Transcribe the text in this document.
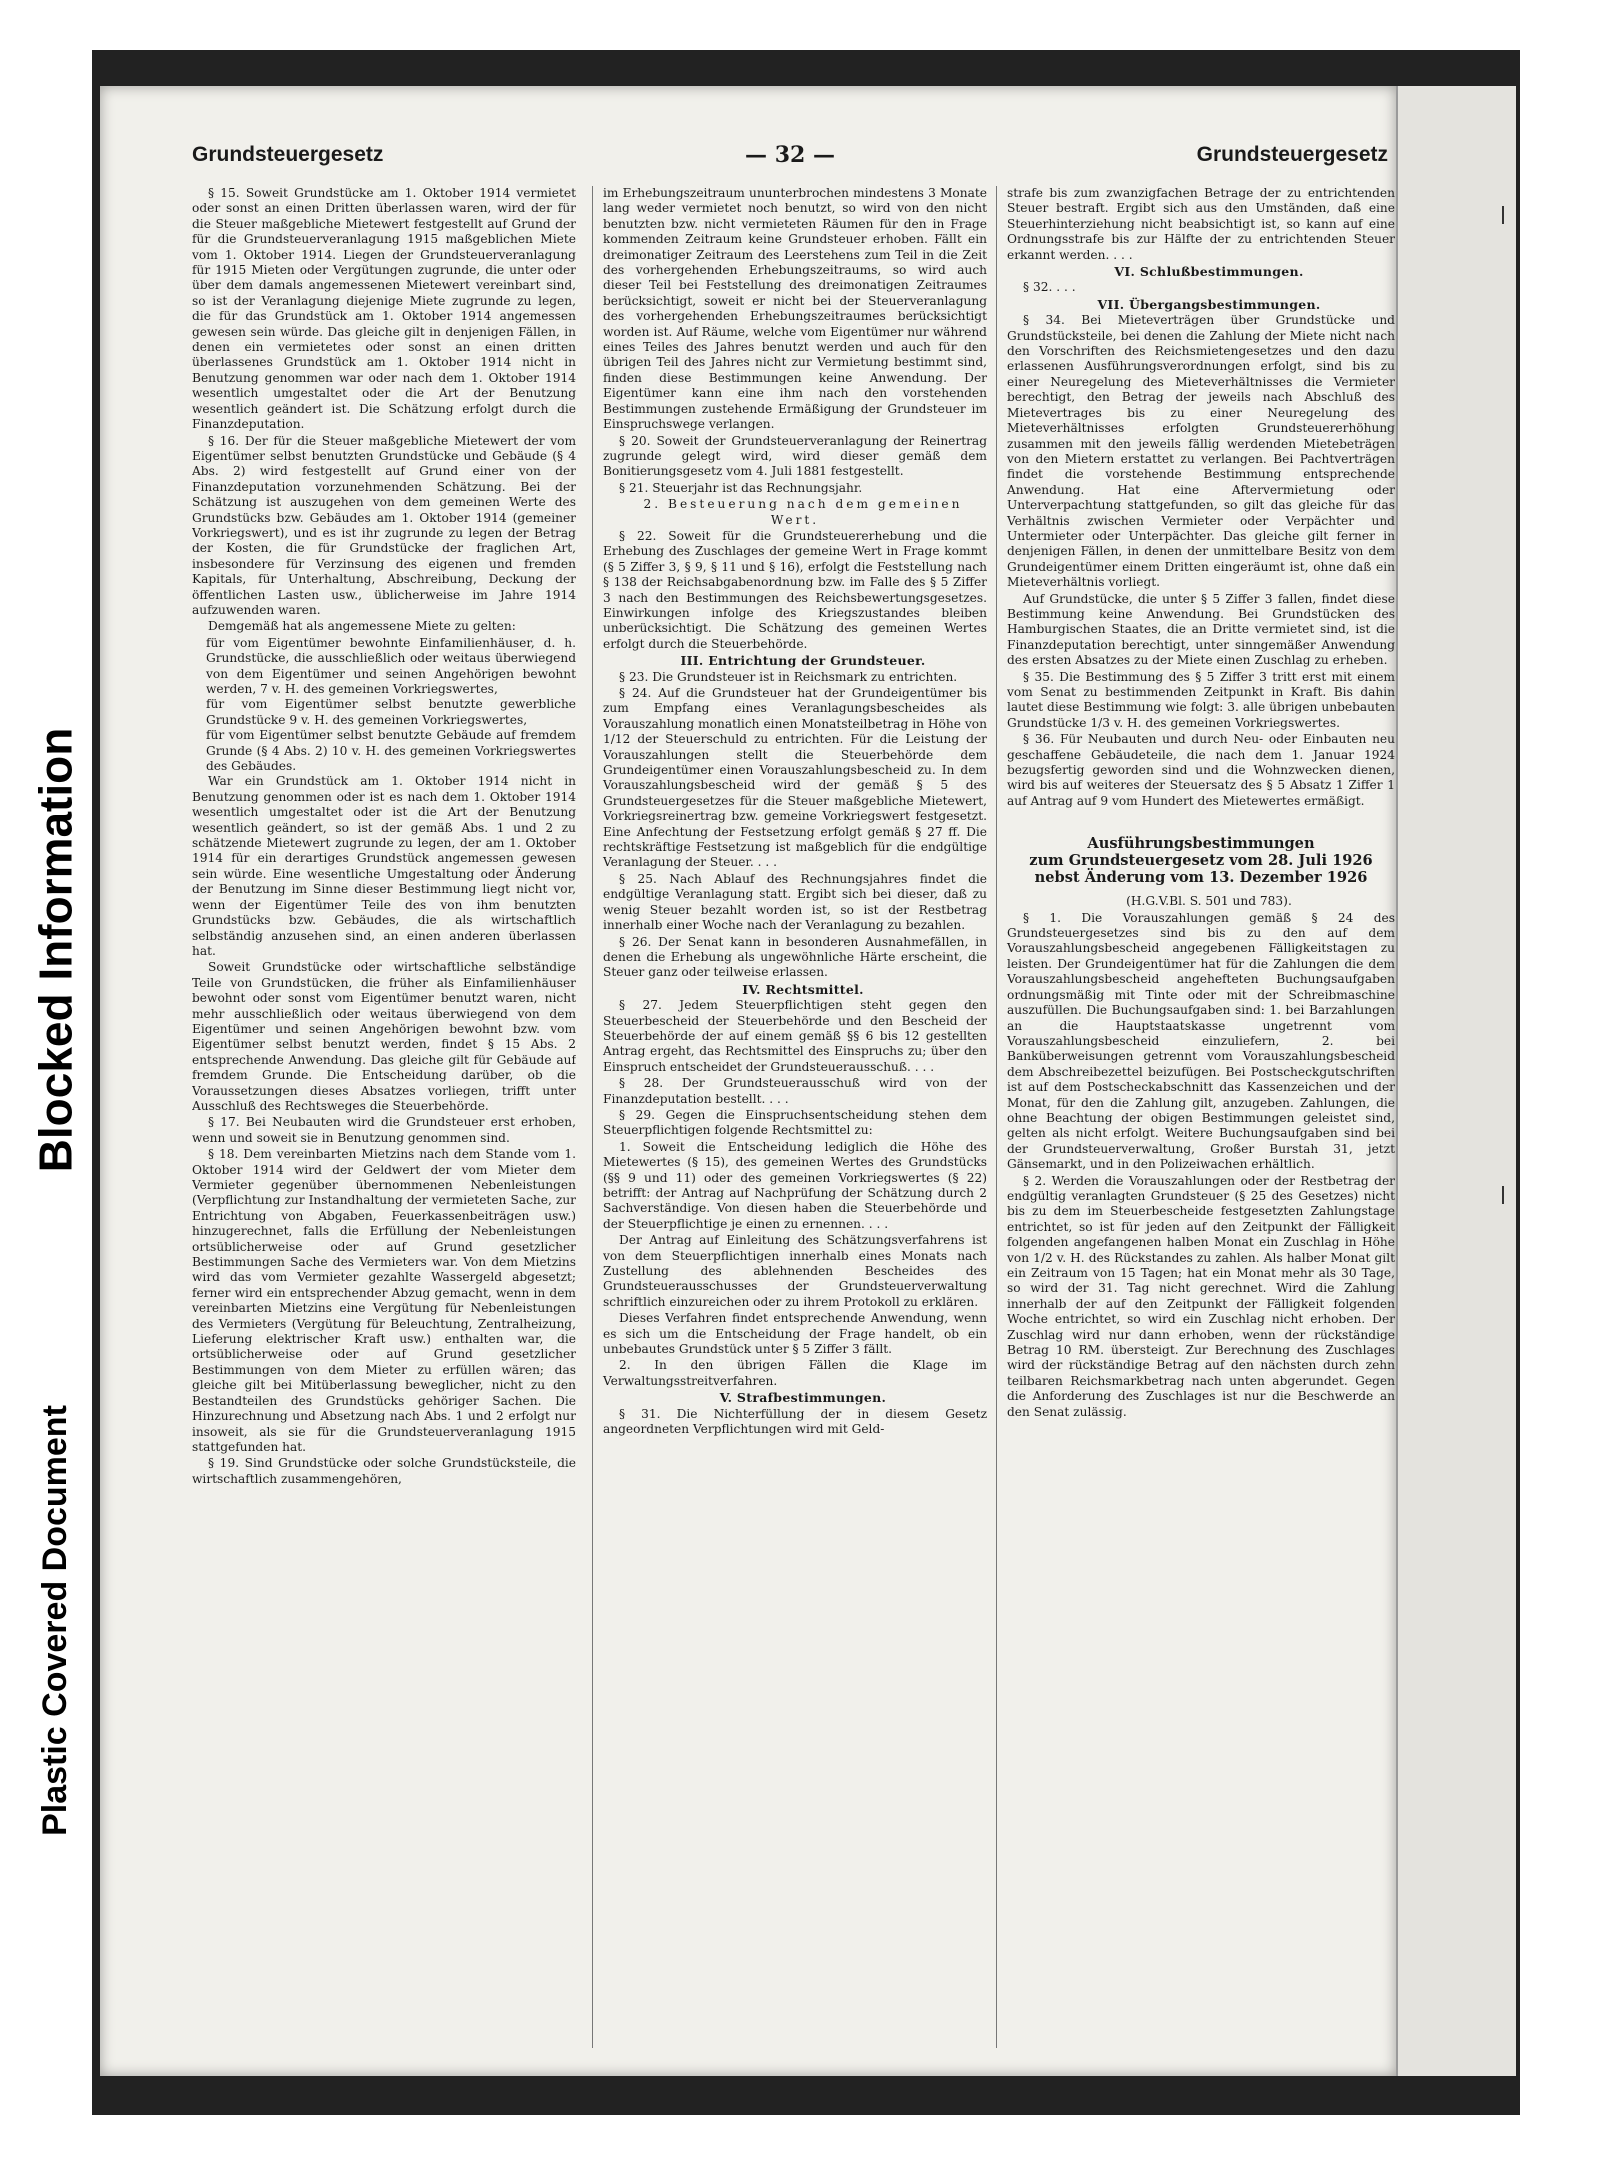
Blocked Information
Plastic Covered Document
Grundsteuergesetz	— 32 —	Grundsteuergesetz

§ 15. Soweit Grundstücke am 1. Oktober 1914 vermietet oder sonst an einen Dritten überlassen waren, wird der für die Steuer maßgebliche Mietewert festgestellt auf Grund der für die Grundsteuerveranlagung 1915 maßgeblichen Miete vom 1. Oktober 1914. Liegen der Grundsteuerveranlagung für 1915 Mieten oder Vergütungen zugrunde, die unter oder über dem damals angemessenen Mietewert vereinbart sind, so ist der Veranlagung diejenige Miete zugrunde zu legen, die für das Grundstück am 1. Oktober 1914 angemessen gewesen sein würde. Das gleiche gilt in denjenigen Fällen, in denen ein vermietetes oder sonst an einen dritten überlassenes Grundstück am 1. Oktober 1914 nicht in Benutzung genommen war oder nach dem 1. Oktober 1914 wesentlich umgestaltet oder die Art der Benutzung wesentlich geändert ist. Die Schätzung erfolgt durch die Finanzdeputation.

§ 16. Der für die Steuer maßgebliche Mietewert der vom Eigentümer selbst benutzten Grundstücke und Gebäude (§ 4 Abs. 2) wird festgestellt auf Grund einer von der Finanzdeputation vorzunehmenden Schätzung. Bei der Schätzung ist auszugehen von dem gemeinen Werte des Grundstücks bzw. Gebäudes am 1. Oktober 1914 (gemeiner Vorkriegswert), und es ist ihr zugrunde zu legen der Betrag der Kosten, die für Grundstücke der fraglichen Art, insbesondere für Verzinsung des eigenen und fremden Kapitals, für Unterhaltung, Abschreibung, Deckung der öffentlichen Lasten usw., üblicherweise im Jahre 1914 aufzuwenden waren.

Demgemäß hat als angemessene Miete zu gelten:

für vom Eigentümer bewohnte Einfamilienhäuser, d. h. Grundstücke, die ausschließlich oder weitaus überwiegend von dem Eigentümer und seinen Angehörigen bewohnt werden, 7 v. H. des gemeinen Vorkriegswertes,

für vom Eigentümer selbst benutzte gewerbliche Grundstücke 9 v. H. des gemeinen Vorkriegswertes,

für vom Eigentümer selbst benutzte Gebäude auf fremdem Grunde (§ 4 Abs. 2) 10 v. H. des gemeinen Vorkriegswertes des Gebäudes.

War ein Grundstück am 1. Oktober 1914 nicht in Benutzung genommen oder ist es nach dem 1. Oktober 1914 wesentlich umgestaltet oder ist die Art der Benutzung wesentlich geändert, so ist der gemäß Abs. 1 und 2 zu schätzende Mietewert zugrunde zu legen, der am 1. Oktober 1914 für ein derartiges Grundstück angemessen gewesen sein würde. Eine wesentliche Umgestaltung oder Änderung der Benutzung im Sinne dieser Bestimmung liegt nicht vor, wenn der Eigentümer Teile des von ihm benutzten Grundstücks bzw. Gebäudes, die als wirtschaftlich selbständig anzusehen sind, an einen anderen überlassen hat.

Soweit Grundstücke oder wirtschaftliche selbständige Teile von Grundstücken, die früher als Einfamilienhäuser bewohnt oder sonst vom Eigentümer benutzt waren, nicht mehr ausschließlich oder weitaus überwiegend von dem Eigentümer und seinen Angehörigen bewohnt bzw. vom Eigentümer selbst benutzt werden, findet § 15 Abs. 2 entsprechende Anwendung. Das gleiche gilt für Gebäude auf fremdem Grunde. Die Entscheidung darüber, ob die Voraussetzungen dieses Absatzes vorliegen, trifft unter Ausschluß des Rechtsweges die Steuerbehörde.

§ 17. Bei Neubauten wird die Grundsteuer erst erhoben, wenn und soweit sie in Benutzung genommen sind.

§ 18. Dem vereinbarten Mietzins nach dem Stande vom 1. Oktober 1914 wird der Geldwert der vom Mieter dem Vermieter gegenüber übernommenen Nebenleistungen (Verpflichtung zur Instandhaltung der vermieteten Sache, zur Entrichtung von Abgaben, Feuerkassenbeiträgen usw.) hinzugerechnet, falls die Erfüllung der Nebenleistungen ortsüblicherweise oder auf Grund gesetzlicher Bestimmungen Sache des Vermieters war. Von dem Mietzins wird das vom Vermieter gezahlte Wassergeld abgesetzt; ferner wird ein entsprechender Abzug gemacht, wenn in dem vereinbarten Mietzins eine Vergütung für Nebenleistungen des Vermieters (Vergütung für Beleuchtung, Zentralheizung, Lieferung elektrischer Kraft usw.) enthalten war, die ortsüblicherweise oder auf Grund gesetzlicher Bestimmungen von dem Mieter zu erfüllen wären; das gleiche gilt bei Mitüberlassung beweglicher, nicht zu den Bestandteilen des Grundstücks gehöriger Sachen. Die Hinzurechnung und Absetzung nach Abs. 1 und 2 erfolgt nur insoweit, als sie für die Grundsteuerveranlagung 1915 stattgefunden hat.

§ 19. Sind Grundstücke oder solche Grundstücksteile, die wirtschaftlich zusammengehören,

im Erhebungszeitraum ununterbrochen mindestens 3 Monate lang weder vermietet noch benutzt, so wird von den nicht benutzten bzw. nicht vermieteten Räumen für den in Frage kommenden Zeitraum keine Grundsteuer erhoben. Fällt ein dreimonatiger Zeitraum des Leerstehens zum Teil in die Zeit des vorhergehenden Erhebungszeitraums, so wird auch dieser Teil bei Feststellung des dreimonatigen Zeitraumes berücksichtigt, soweit er nicht bei der Steuerveranlagung des vorhergehenden Erhebungszeitraumes berücksichtigt worden ist. Auf Räume, welche vom Eigentümer nur während eines Teiles des Jahres benutzt werden und auch für den übrigen Teil des Jahres nicht zur Vermietung bestimmt sind, finden diese Bestimmungen keine Anwendung. Der Eigentümer kann eine ihm nach den vorstehenden Bestimmungen zustehende Ermäßigung der Grundsteuer im Einspruchswege verlangen.

§ 20. Soweit der Grundsteuerveranlagung der Reinertrag zugrunde gelegt wird, wird dieser gemäß dem Bonitierungsgesetz vom 4. Juli 1881 festgestellt.

§ 21. Steuerjahr ist das Rechnungsjahr.

2. Besteuerung nach dem gemeinen Wert.

§ 22. Soweit für die Grundsteuererhebung und die Erhebung des Zuschlages der gemeine Wert in Frage kommt (§ 5 Ziffer 3, § 9, § 11 und § 16), erfolgt die Feststellung nach § 138 der Reichsabgabenordnung bzw. im Falle des § 5 Ziffer 3 nach den Bestimmungen des Reichsbewertungsgesetzes. Einwirkungen infolge des Kriegszustandes bleiben unberücksichtigt. Die Schätzung des gemeinen Wertes erfolgt durch die Steuerbehörde.

III. Entrichtung der Grundsteuer.

§ 23. Die Grundsteuer ist in Reichsmark zu entrichten.

§ 24. Auf die Grundsteuer hat der Grundeigentümer bis zum Empfang eines Veranlagungsbescheides als Vorauszahlung monatlich einen Monatsteilbetrag in Höhe von 1/12 der Steuerschuld zu entrichten. Für die Leistung der Vorauszahlungen stellt die Steuerbehörde dem Grundeigentümer einen Vorauszahlungsbescheid zu. In dem Vorauszahlungsbescheid wird der gemäß § 5 des Grundsteuergesetzes für die Steuer maßgebliche Mietewert, Vorkriegsreinertrag bzw. gemeine Vorkriegswert festgesetzt. Eine Anfechtung der Festsetzung erfolgt gemäß § 27 ff. Die rechtskräftige Festsetzung ist maßgeblich für die endgültige Veranlagung der Steuer. . . .

§ 25. Nach Ablauf des Rechnungsjahres findet die endgültige Veranlagung statt. Ergibt sich bei dieser, daß zu wenig Steuer bezahlt worden ist, so ist der Restbetrag innerhalb einer Woche nach der Veranlagung zu bezahlen.

§ 26. Der Senat kann in besonderen Ausnahmefällen, in denen die Erhebung als ungewöhnliche Härte erscheint, die Steuer ganz oder teilweise erlassen.

IV. Rechtsmittel.

§ 27. Jedem Steuerpflichtigen steht gegen den Steuerbescheid der Steuerbehörde und den Bescheid der Steuerbehörde der auf einem gemäß §§ 6 bis 12 gestellten Antrag ergeht, das Rechtsmittel des Einspruchs zu; über den Einspruch entscheidet der Grundsteuerausschuß. . . .

§ 28. Der Grundsteuerausschuß wird von der Finanzdeputation bestellt. . . .

§ 29. Gegen die Einspruchsentscheidung stehen dem Steuerpflichtigen folgende Rechtsmittel zu:

1. Soweit die Entscheidung lediglich die Höhe des Mietewertes (§ 15), des gemeinen Wertes des Grundstücks (§§ 9 und 11) oder des gemeinen Vorkriegswertes (§ 22) betrifft: der Antrag auf Nachprüfung der Schätzung durch 2 Sachverständige. Von diesen haben die Steuerbehörde und der Steuerpflichtige je einen zu ernennen. . . .

Der Antrag auf Einleitung des Schätzungsverfahrens ist von dem Steuerpflichtigen innerhalb eines Monats nach Zustellung des ablehnenden Bescheides des Grundsteuerausschusses der Grundsteuerverwaltung schriftlich einzureichen oder zu ihrem Protokoll zu erklären.

Dieses Verfahren findet entsprechende Anwendung, wenn es sich um die Entscheidung der Frage handelt, ob ein unbebautes Grundstück unter § 5 Ziffer 3 fällt.

2. In den übrigen Fällen die Klage im Verwaltungsstreitverfahren.

V. Strafbestimmungen.

§ 31. Die Nichterfüllung der in diesem Gesetz angeordneten Verpflichtungen wird mit Geld-

strafe bis zum zwanzigfachen Betrage der zu entrichtenden Steuer bestraft. Ergibt sich aus den Umständen, daß eine Steuerhinterziehung nicht beabsichtigt ist, so kann auf eine Ordnungsstrafe bis zur Hälfte der zu entrichtenden Steuer erkannt werden. . . .

VI. Schlußbestimmungen.

§ 32. . . .

VII. Übergangsbestimmungen.

§ 34. Bei Mieteverträgen über Grundstücke und Grundstücksteile, bei denen die Zahlung der Miete nicht nach den Vorschriften des Reichsmietengesetzes und den dazu erlassenen Ausführungsverordnungen erfolgt, sind bis zu einer Neuregelung des Mieteverhältnisses die Vermieter berechtigt, den Betrag der jeweils nach Abschluß des Mietevertrages bis zu einer Neuregelung des Mieteverhältnisses erfolgten Grundsteuererhöhung zusammen mit den jeweils fällig werdenden Mietebeträgen von den Mietern erstattet zu verlangen. Bei Pachtverträgen findet die vorstehende Bestimmung entsprechende Anwendung. Hat eine Aftervermietung oder Unterverpachtung stattgefunden, so gilt das gleiche für das Verhältnis zwischen Vermieter oder Verpächter und Untermieter oder Unterpächter. Das gleiche gilt ferner in denjenigen Fällen, in denen der unmittelbare Besitz von dem Grundeigentümer einem Dritten eingeräumt ist, ohne daß ein Mieteverhältnis vorliegt.

Auf Grundstücke, die unter § 5 Ziffer 3 fallen, findet diese Bestimmung keine Anwendung. Bei Grundstücken des Hamburgischen Staates, die an Dritte vermietet sind, ist die Finanzdeputation berechtigt, unter sinngemäßer Anwendung des ersten Absatzes zu der Miete einen Zuschlag zu erheben.

§ 35. Die Bestimmung des § 5 Ziffer 3 tritt erst mit einem vom Senat zu bestimmenden Zeitpunkt in Kraft. Bis dahin lautet diese Bestimmung wie folgt: 3. alle übrigen unbebauten Grundstücke 1/3 v. H. des gemeinen Vorkriegswertes.

§ 36. Für Neubauten und durch Neu- oder Einbauten neu geschaffene Gebäudeteile, die nach dem 1. Januar 1924 bezugsfertig geworden sind und die Wohnzwecken dienen, wird bis auf weiteres der Steuersatz des § 5 Absatz 1 Ziffer 1 auf Antrag auf 9 vom Hundert des Mietewertes ermäßigt.

Ausführungsbestimmungen
zum Grundsteuergesetz vom 28. Juli 1926
nebst Änderung vom 13. Dezember 1926

(H.G.V.Bl. S. 501 und 783).

§ 1. Die Vorauszahlungen gemäß § 24 des Grundsteuergesetzes sind bis zu den auf dem Vorauszahlungsbescheid angegebenen Fälligkeitstagen zu leisten. Der Grundeigentümer hat für die Zahlungen die dem Vorauszahlungsbescheid angehefteten Buchungsaufgaben ordnungsmäßig mit Tinte oder mit der Schreibmaschine auszufüllen. Die Buchungsaufgaben sind: 1. bei Barzahlungen an die Hauptstaatskasse ungetrennt vom Vorauszahlungsbescheid einzuliefern, 2. bei Banküberweisungen getrennt vom Vorauszahlungsbescheid dem Abschreibezettel beizufügen. Bei Postscheckgutschriften ist auf dem Postscheckabschnitt das Kassenzeichen und der Monat, für den die Zahlung gilt, anzugeben. Zahlungen, die ohne Beachtung der obigen Bestimmungen geleistet sind, gelten als nicht erfolgt. Weitere Buchungsaufgaben sind bei der Grundsteuerverwaltung, Großer Burstah 31, jetzt Gänsemarkt, und in den Polizeiwachen erhältlich.

§ 2. Werden die Vorauszahlungen oder der Restbetrag der endgültig veranlagten Grundsteuer (§ 25 des Gesetzes) nicht bis zu dem im Steuerbescheide festgesetzten Zahlungstage entrichtet, so ist für jeden auf den Zeitpunkt der Fälligkeit folgenden angefangenen halben Monat ein Zuschlag in Höhe von 1/2 v. H. des Rückstandes zu zahlen. Als halber Monat gilt ein Zeitraum von 15 Tagen; hat ein Monat mehr als 30 Tage, so wird der 31. Tag nicht gerechnet. Wird die Zahlung innerhalb der auf den Zeitpunkt der Fälligkeit folgenden Woche entrichtet, so wird ein Zuschlag nicht erhoben. Der Zuschlag wird nur dann erhoben, wenn der rückständige Betrag 10 RM. übersteigt. Zur Berechnung des Zuschlages wird der rückständige Betrag auf den nächsten durch zehn teilbaren Reichsmarkbetrag nach unten abgerundet. Gegen die Anforderung des Zuschlages ist nur die Beschwerde an den Senat zulässig.
